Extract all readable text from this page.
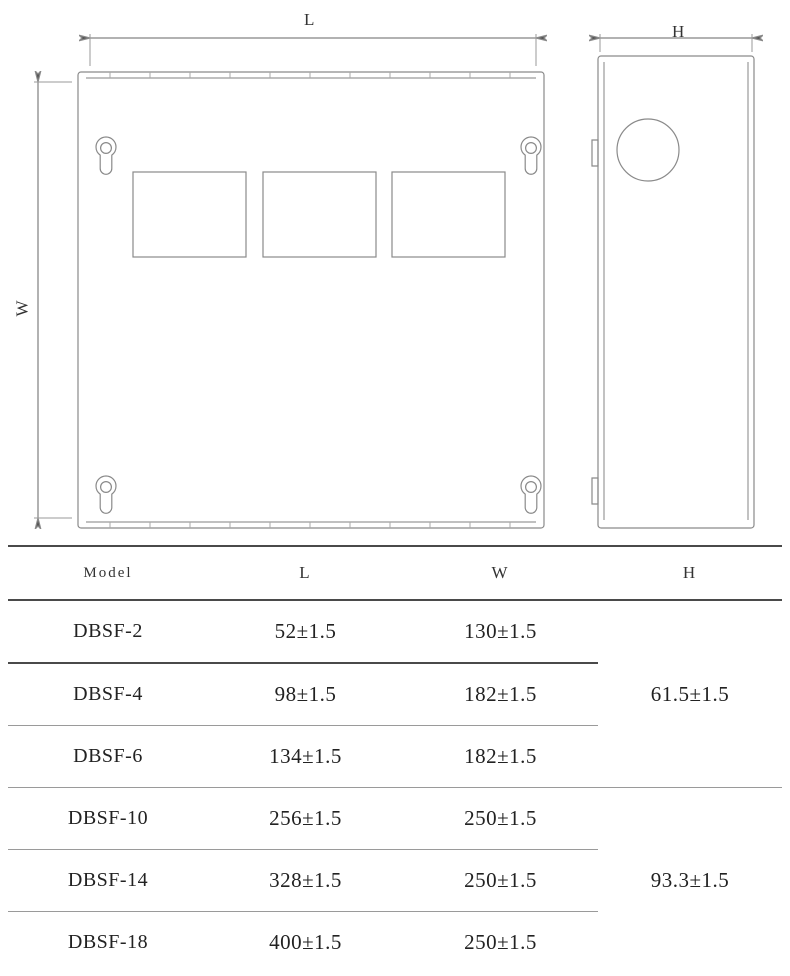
L
H
W
Model	L	W	H
DBSF-2	52±1.5	130±1.5	61.5±1.5
DBSF-4	98±1.5	182±1.5	
DBSF-6	134±1.5	182±1.5	
DBSF-10	256±1.5	250±1.5	93.3±1.5
DBSF-14	328±1.5	250±1.5	
DBSF-18	400±1.5	250±1.5	
